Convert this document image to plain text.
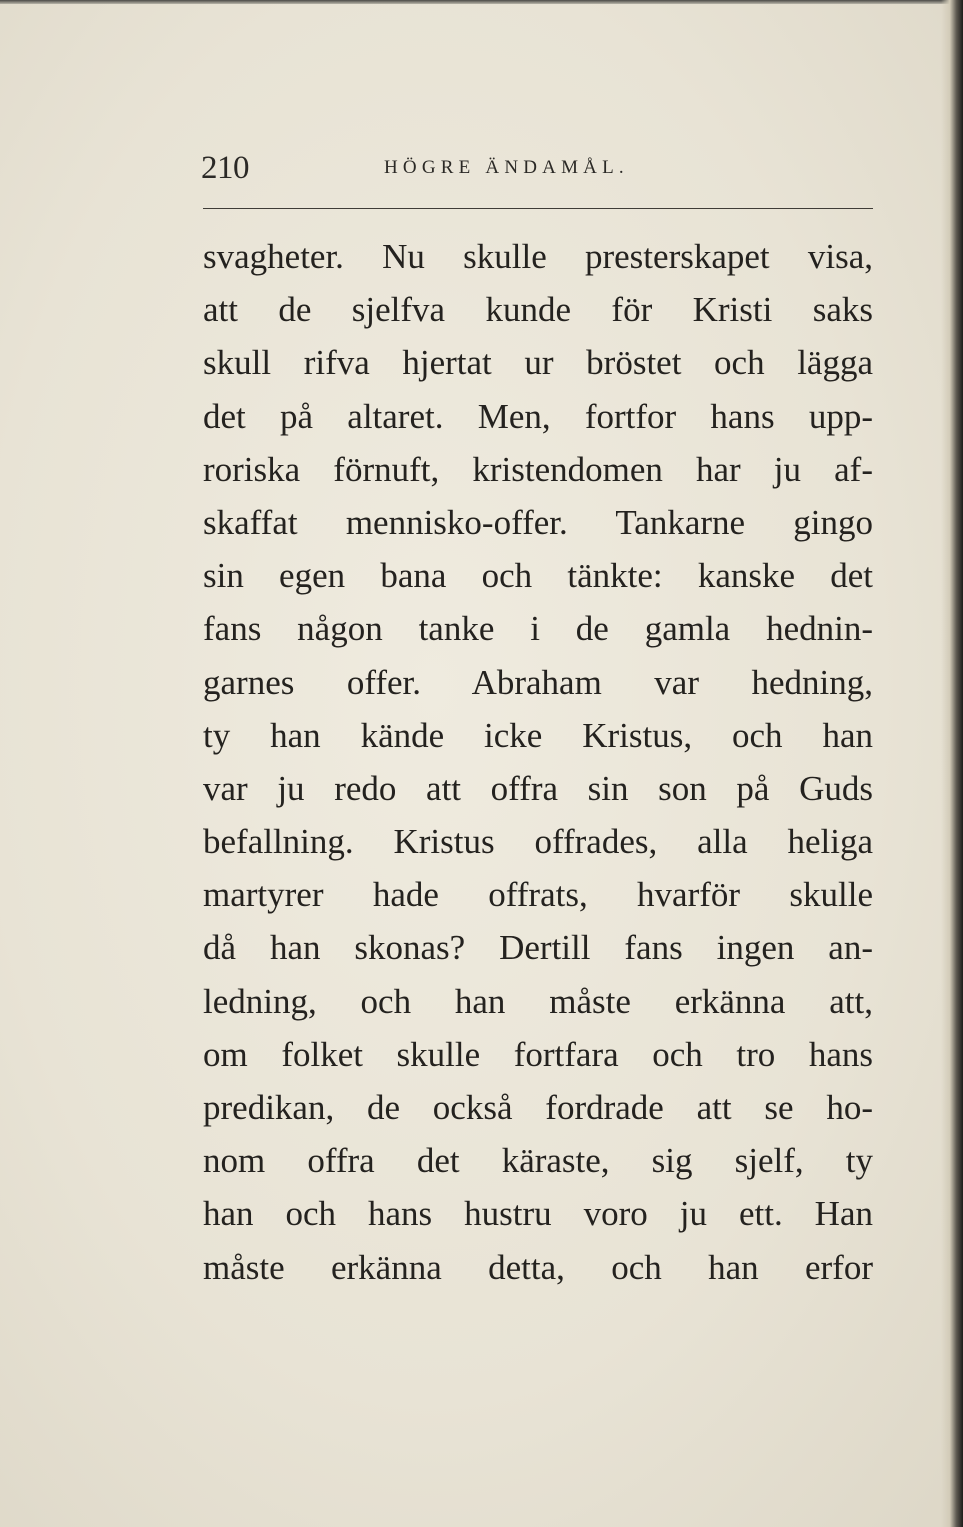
210	HÖGRE ÄNDAMÅL.
svagheter. Nu skulle presterskapet visa,
att de sjelfva kunde för Kristi saks
skull rifva hjertat ur bröstet och lägga
det på altaret. Men, fortfor hans upp-
roriska förnuft, kristendomen har ju af-
skaffat mennisko-offer. Tankarne gingo
sin egen bana och tänkte: kanske det
fans någon tanke i de gamla hednin-
garnes offer. Abraham var hedning,
ty han kände icke Kristus, och han
var ju redo att offra sin son på Guds
befallning. Kristus offrades, alla heliga
martyrer hade offrats, hvarför skulle
då han skonas? Dertill fans ingen an-
ledning, och han måste erkänna att,
om folket skulle fortfara och tro hans
predikan, de också fordrade att se ho-
nom offra det käraste, sig sjelf, ty
han och hans hustru voro ju ett. Han
måste erkänna detta, och han erfor
